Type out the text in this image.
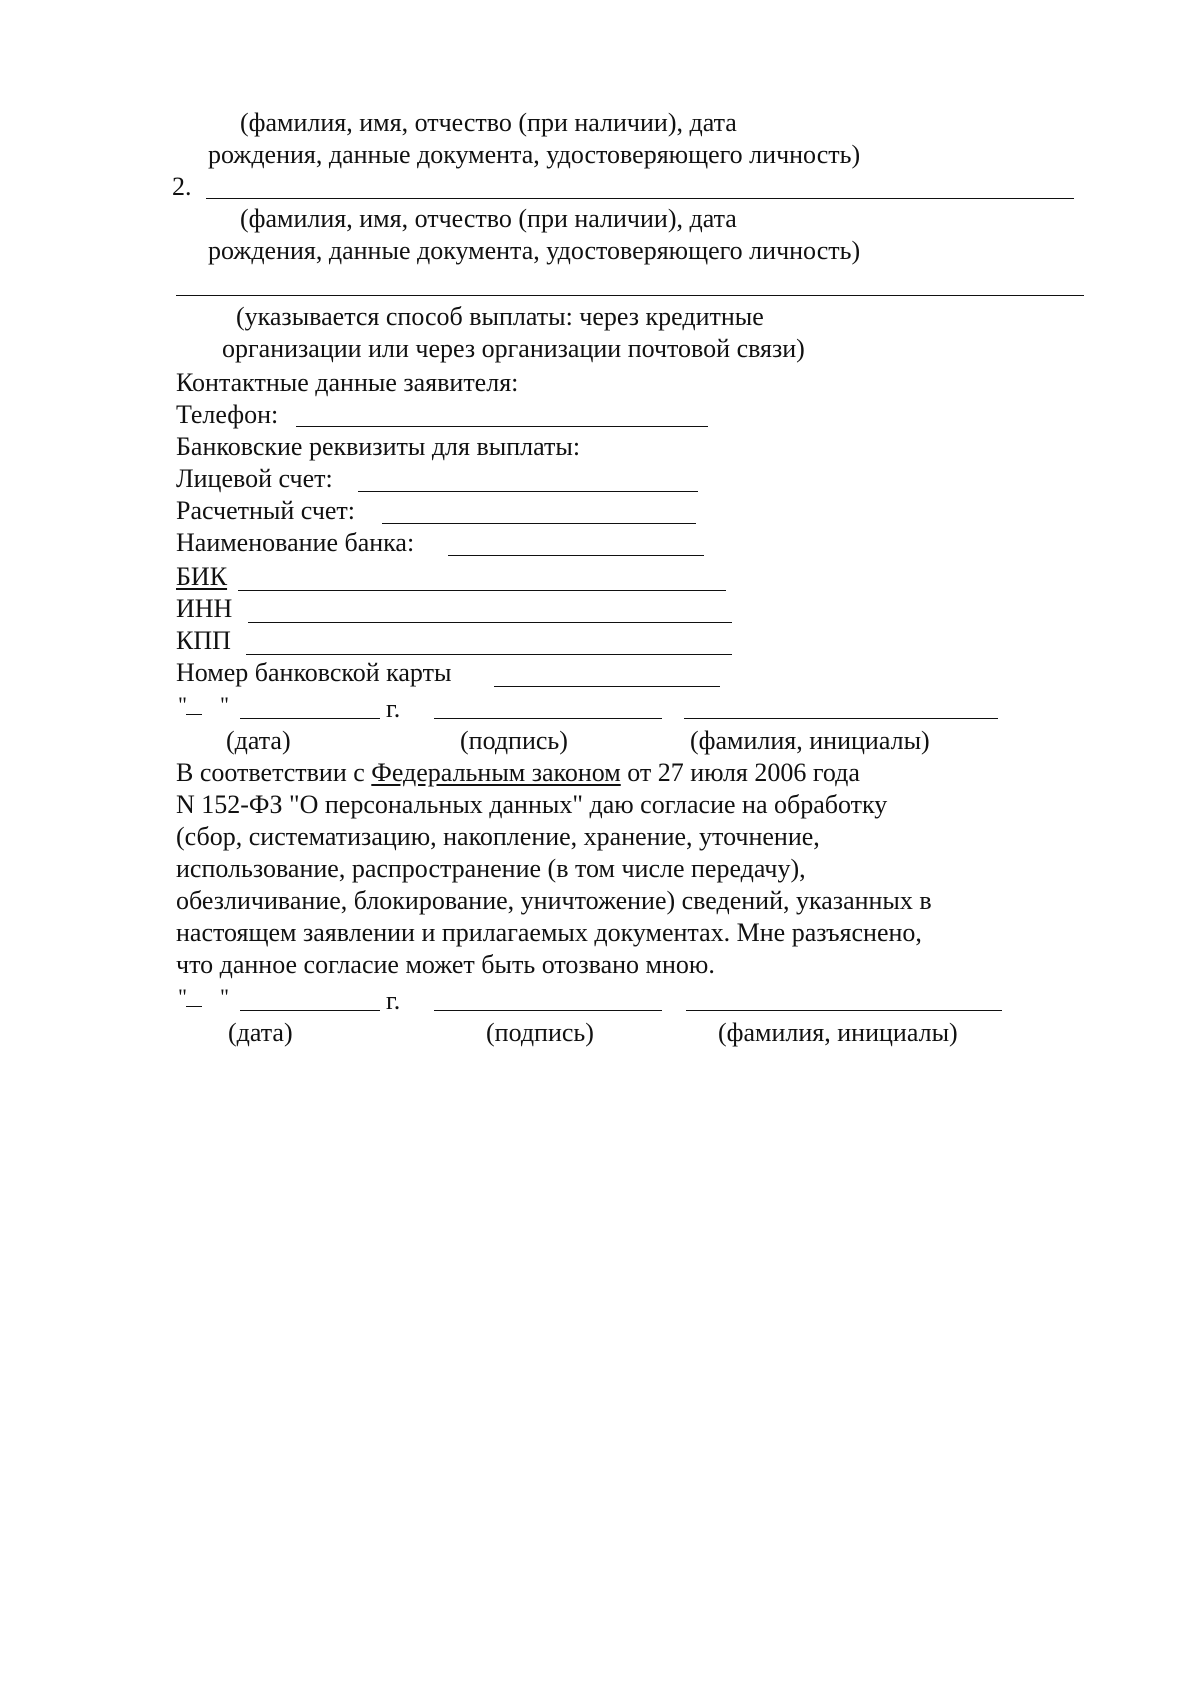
(фамилия, имя, отчество (при наличии), дата
рождения, данные документа, удостоверяющего личность)
2.
(фамилия, имя, отчество (при наличии), дата
рождения, данные документа, удостоверяющего личность)
(указывается способ выплаты: через кредитные
организации или через организации почтовой связи)
Контактные данные заявителя:
Телефон:
Банковские реквизиты для выплаты:
Лицевой счет:
Расчетный счет:
Наименование банка:
БИК
ИНН
КПП
Номер банковской карты
" "	г.
(дата)	(подпись)	(фамилия, инициалы)
В соответствии с Федеральным законом от 27 июля 2006 года
N 152-ФЗ "О персональных данных" даю согласие на обработку
(сбор, систематизацию, накопление, хранение, уточнение,
использование, распространение (в том числе передачу),
обезличивание, блокирование, уничтожение) сведений, указанных в
настоящем заявлении и прилагаемых документах. Мне разъяснено,
что данное согласие может быть отозвано мною.
" "	г.
(дата)	(подпись)	(фамилия, инициалы)
